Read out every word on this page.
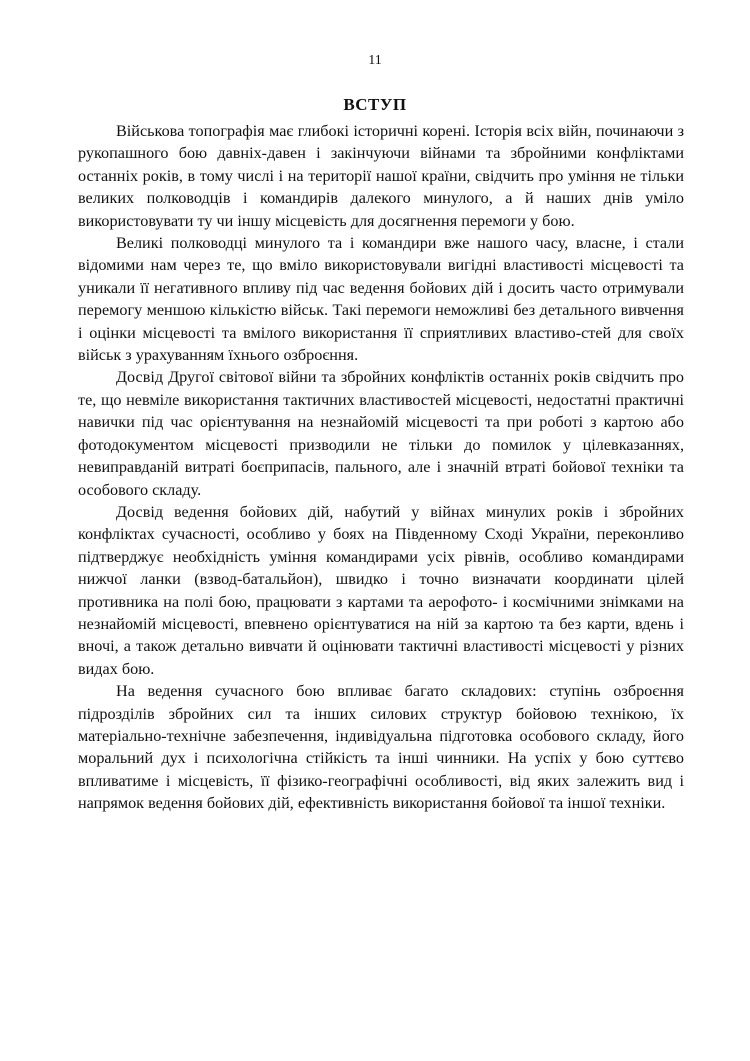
11
ВСТУП

Військова топографія має глибокі історичні корені. Історія всіх війн, починаючи з рукопашного бою давніх-давен і закінчуючи війнами та збройними конфліктами останніх років, в тому числі і на території нашої країни, свідчить про уміння не тільки великих полководців і командирів далекого минулого, а й наших днів уміло використовувати ту чи іншу місцевість для досягнення перемоги у бою.

Великі полководці минулого та і командири вже нашого часу, власне, і стали відомими нам через те, що вміло використовували вигідні властивості місцевості та уникали її негативного впливу під час ведення бойових дій і досить часто отримували перемогу меншою кількістю військ. Такі перемоги неможливі без детального вивчення і оцінки місцевості та вмілого використання її сприятливих властиво-стей для своїх військ з урахуванням їхнього озброєння.

Досвід Другої світової війни та збройних конфліктів останніх років свідчить про те, що невміле використання тактичних властивостей місцевості, недостатні практичні навички під час орієнтування на незнайомій місцевості та при роботі з картою або фотодокументом місцевості призводили не тільки до помилок у цілевказаннях, невиправданій витраті боєприпасів, пального, але і значній втраті бойової техніки та особового складу.

Досвід ведення бойових дій, набутий у війнах минулих років і збройних конфліктах сучасності, особливо у боях на Південному Сході України, переконливо підтверджує необхідність уміння командирами усіх рівнів, особливо командирами нижчої ланки (взвод-батальйон), швидко і точно визначати координати цілей противника на полі бою, працювати з картами та аерофото- і космічними знімками на незнайомій місцевості, впевнено орієнтуватися на ній за картою та без карти, вдень і вночі, а також детально вивчати й оцінювати тактичні властивості місцевості у різних видах бою.

На ведення сучасного бою впливає багато складових: ступінь озброєння підрозділів збройних сил та інших силових структур бойовою технікою, їх матеріально-технічне забезпечення, індивідуальна підготовка особового складу, його моральний дух і психологічна стійкість та інші чинники. На успіх у бою суттєво впливатиме і місцевість, її фізико-географічні особливості, від яких залежить вид і напрямок ведення бойових дій, ефективність використання бойової та іншої техніки.
